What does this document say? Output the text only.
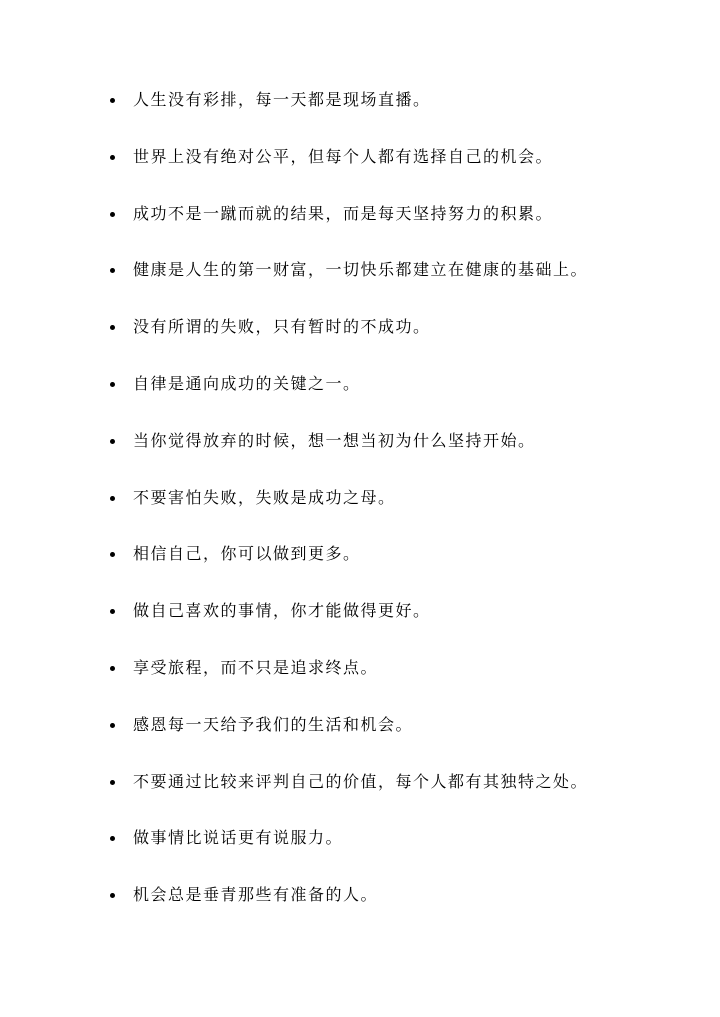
人生没有彩排，每一天都是现场直播。
世界上没有绝对公平，但每个人都有选择自己的机会。
成功不是一蹴而就的结果，而是每天坚持努力的积累。
健康是人生的第一财富，一切快乐都建立在健康的基础上。
没有所谓的失败，只有暂时的不成功。
自律是通向成功的关键之一。
当你觉得放弃的时候，想一想当初为什么坚持开始。
不要害怕失败，失败是成功之母。
相信自己，你可以做到更多。
做自己喜欢的事情，你才能做得更好。
享受旅程，而不只是追求终点。
感恩每一天给予我们的生活和机会。
不要通过比较来评判自己的价值，每个人都有其独特之处。
做事情比说话更有说服力。
机会总是垂青那些有准备的人。
